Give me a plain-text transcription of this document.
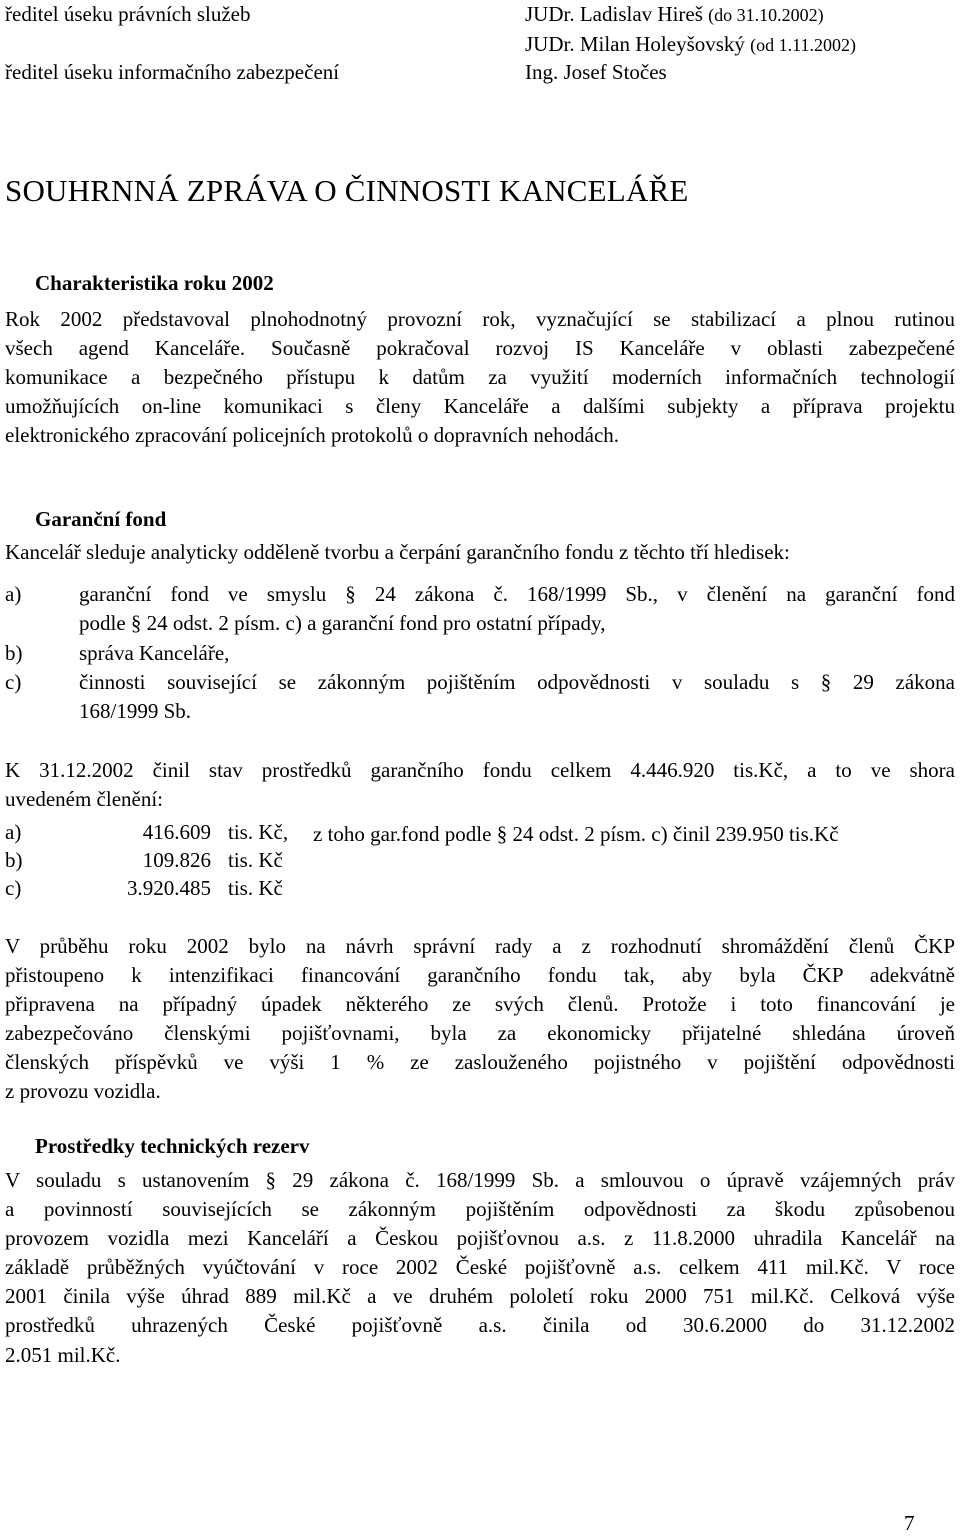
ředitel úseku právních služeb	JUDr. Ladislav Hireš (do 31.10.2002)
JUDr. Milan Holeyšovský (od 1.11.2002)
ředitel úseku informačního zabezpečení	Ing. Josef Stočes
SOUHRNNÁ ZPRÁVA O ČINNOSTI KANCELÁŘE
Charakteristika roku 2002
Rok 2002 představoval plnohodnotný provozní rok, vyznačující se stabilizací a plnou rutinou
všech agend Kanceláře. Současně pokračoval rozvoj IS Kanceláře v oblasti zabezpečené
komunikace a bezpečného přístupu k datům za využití moderních informačních technologií
umožňujících on-line komunikaci s členy Kanceláře a dalšími subjekty a příprava projektu
elektronického zpracování policejních protokolů o dopravních nehodách.
Garanční fond
Kancelář sleduje analyticky odděleně tvorbu a čerpání garančního fondu z těchto tří hledisek:
a)	garanční fond ve smyslu § 24 zákona č. 168/1999 Sb., v členění na garanční fond
podle § 24 odst. 2 písm. c) a garanční fond pro ostatní případy,
b)	správa Kanceláře,
c)	činnosti související se zákonným pojištěním odpovědnosti v souladu s § 29 zákona
168/1999 Sb.
K 31.12.2002 činil stav prostředků garančního fondu celkem 4.446.920 tis.Kč, a to ve shora
uvedeném členění:
a)	416.609 tis. Kč, z toho gar.fond podle § 24 odst. 2 písm. c) činil 239.950 tis.Kč
b)	109.826 tis. Kč
c)	3.920.485 tis. Kč
V průběhu roku 2002 bylo na návrh správní rady a z rozhodnutí shromáždění členů ČKP
přistoupeno k intenzifikaci financování garančního fondu tak, aby byla ČKP adekvátně
připravena na případný úpadek některého ze svých členů. Protože i toto financování je
zabezpečováno členskými pojišťovnami, byla za ekonomicky přijatelné shledána úroveň
členských příspěvků ve výši 1 % ze zaslouženého pojistného v pojištění odpovědnosti
z provozu vozidla.
Prostředky technických rezerv
V souladu s ustanovením § 29 zákona č. 168/1999 Sb. a smlouvou o úpravě vzájemných práv
a povinností souvisejících se zákonným pojištěním odpovědnosti za škodu způsobenou
provozem vozidla mezi Kanceláří a Českou pojišťovnou a.s. z 11.8.2000 uhradila Kancelář na
základě průběžných vyúčtování v roce 2002 České pojišťovně a.s. celkem 411 mil.Kč. V roce
2001 činila výše úhrad 889 mil.Kč a ve druhém pololetí roku 2000 751 mil.Kč. Celková výše
prostředků uhrazených České pojišťovně a.s. činila od 30.6.2000 do 31.12.2002
2.051 mil.Kč.
7
